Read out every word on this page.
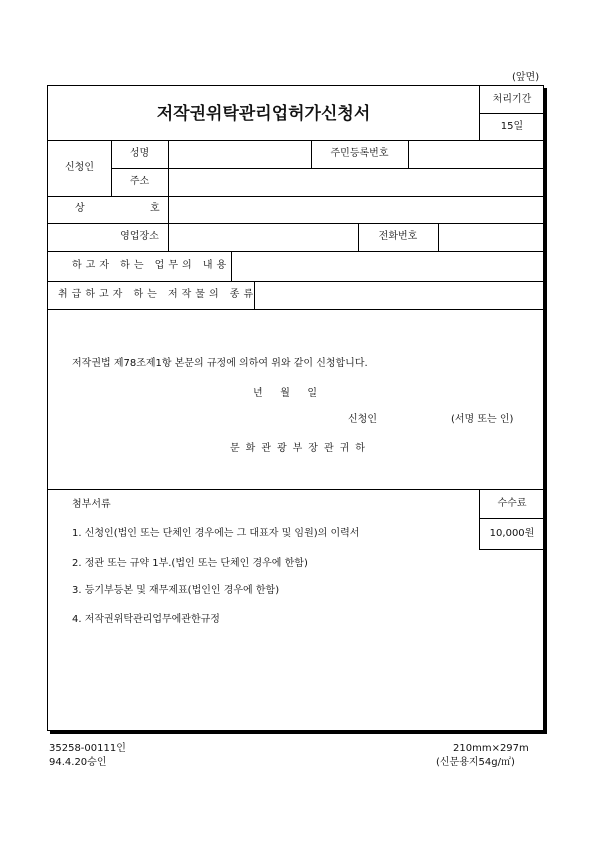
(앞면)
저작권위탁관리업허가신청서
처리기간
15일
신청인
성명	주민등록번호
주소
상	호
영업장소	전화번호
하고자 하는 업무의 내용
취급하고자 하는 저작물의 종류
저작권법 제78조제1항 본문의 규정에 의하여 위와 같이 신청합니다.
년   월   일
신청인	(서명 또는 인)
문화관광부장관귀하
첨부서류	수수료
10,000원
1. 신청인(법인 또는 단체인 경우에는 그 대표자 및 임원)의 이력서
2. 정관 또는 규약 1부.(법인 또는 단체인 경우에 한함)
3. 등기부등본 및 재무제표(법인인 경우에 한함)
4. 저작권위탁관리업무에관한규정
35258-00111인
94.4.20승인
210mm×297m
(신문용지54g/㎡)
